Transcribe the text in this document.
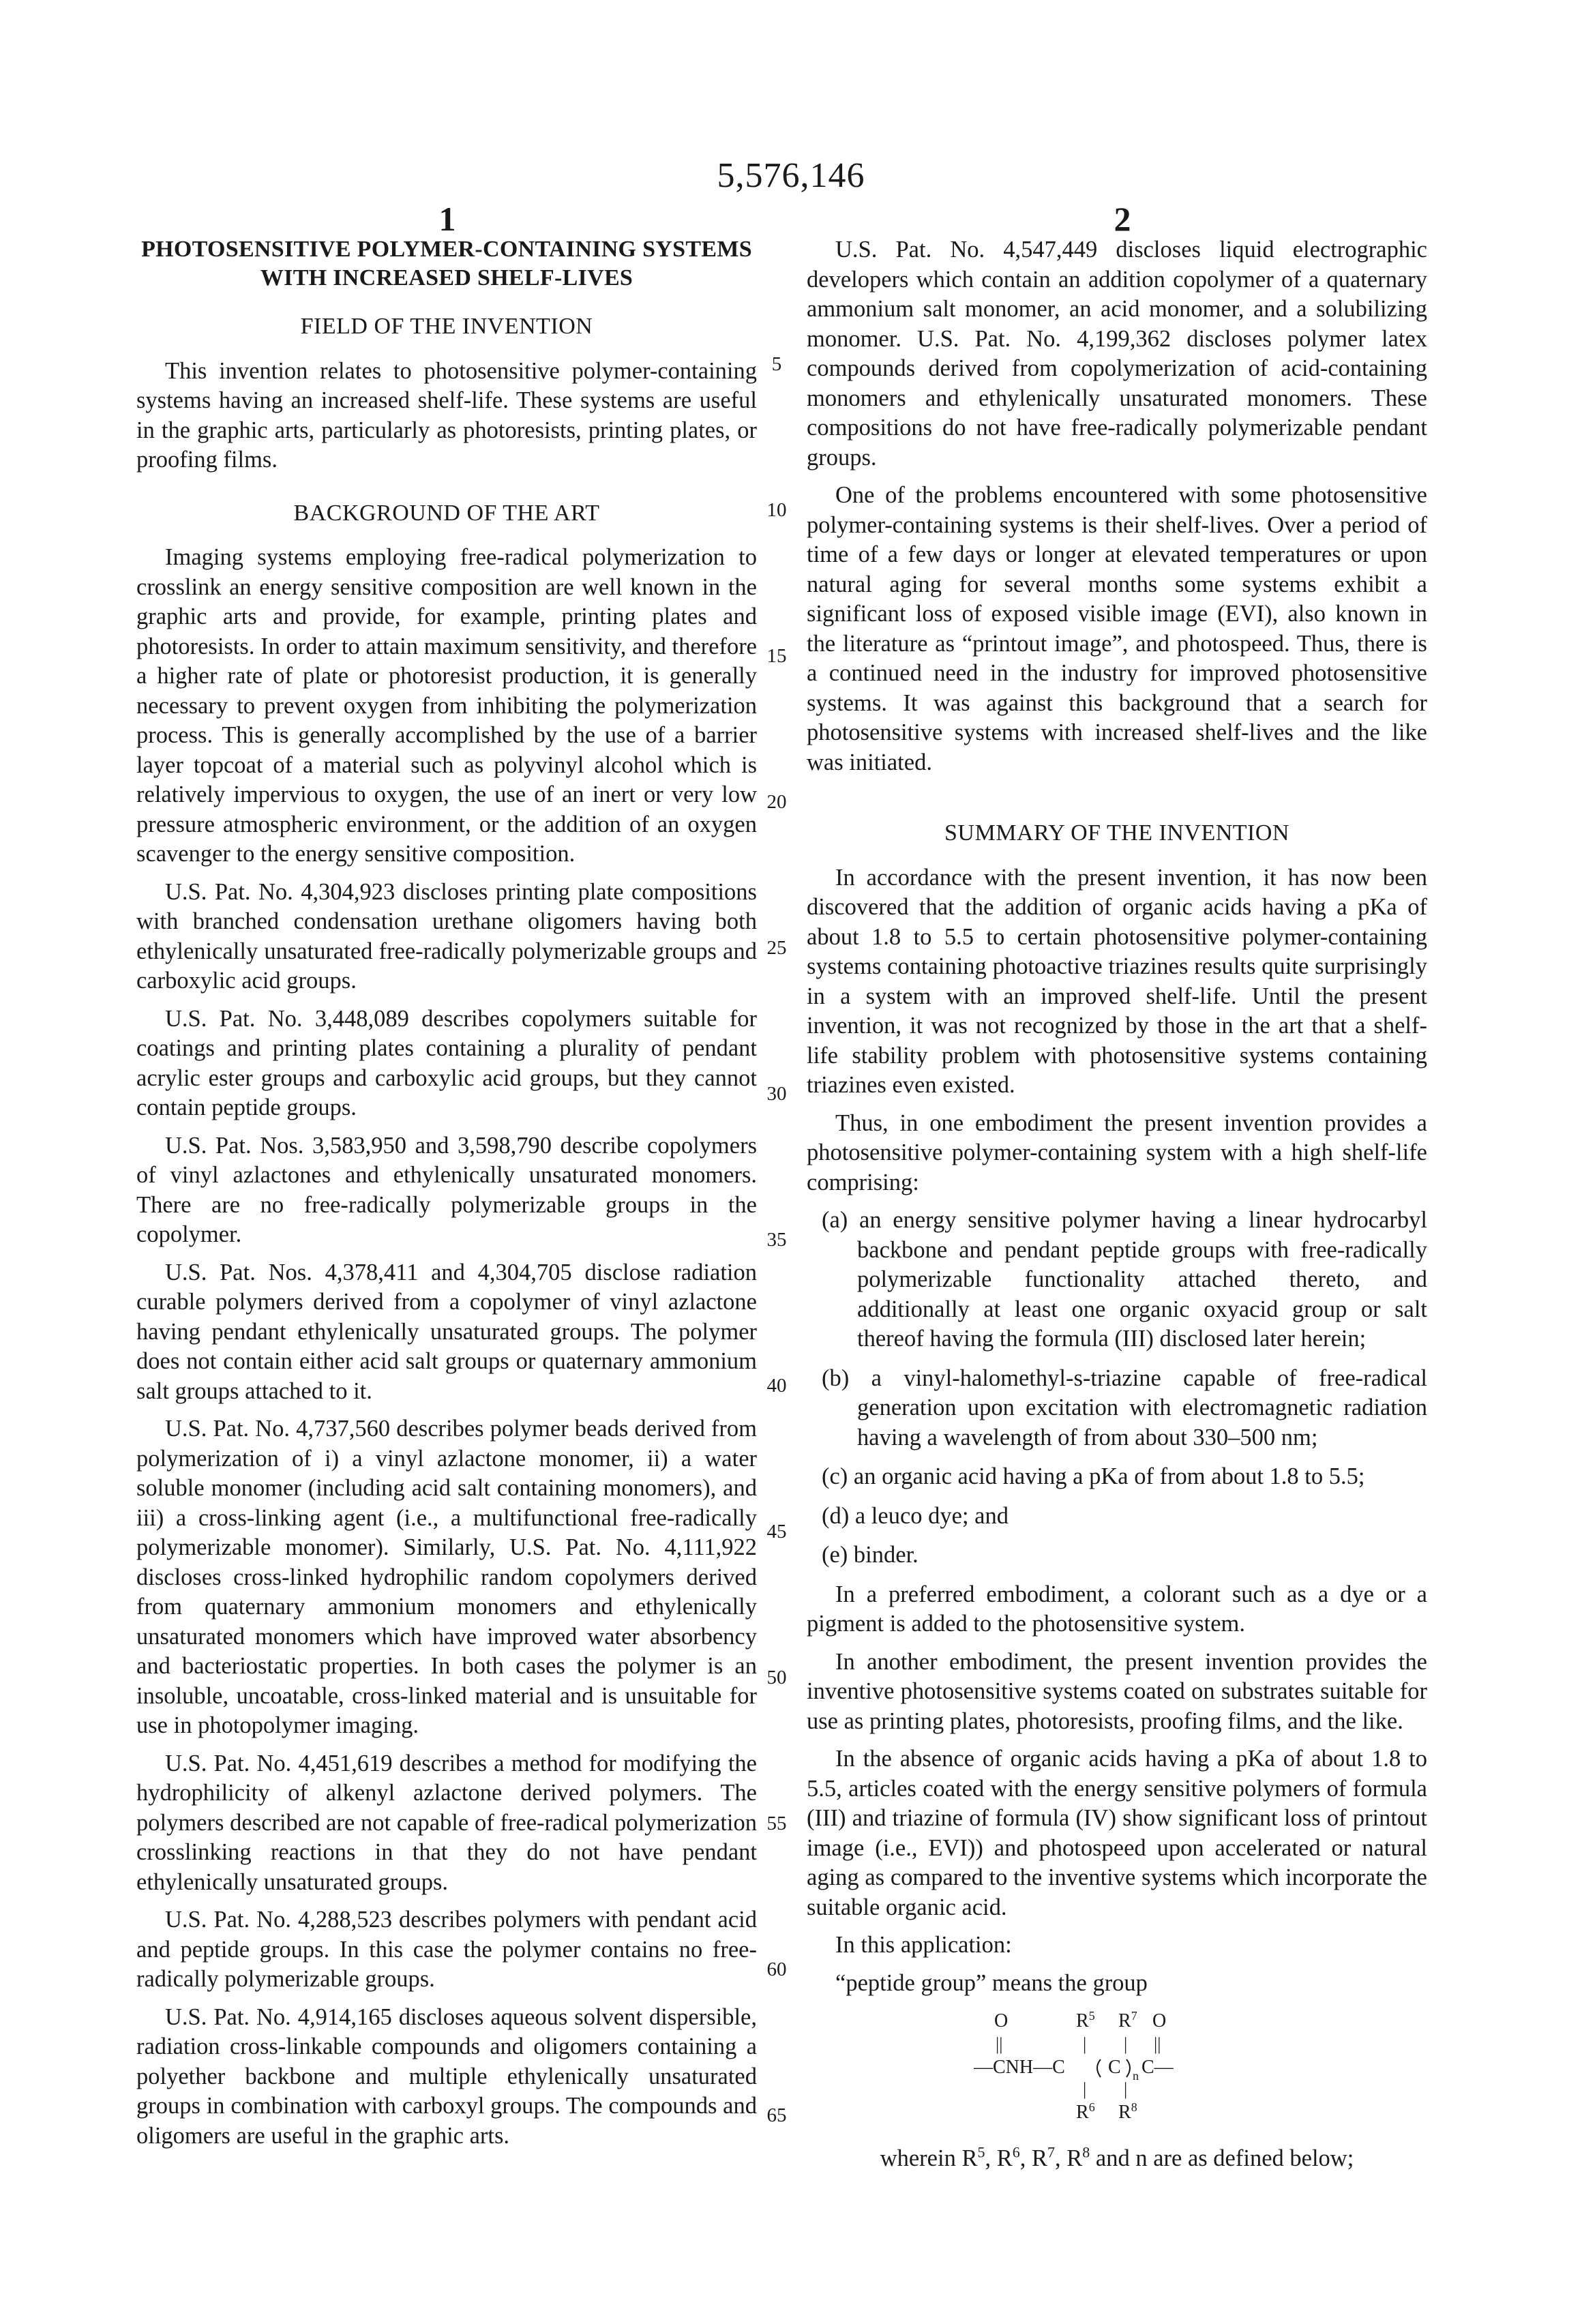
5,576,146
1	2
PHOTOSENSITIVE POLYMER-CONTAINING SYSTEMS WITH INCREASED SHELF-LIVES
FIELD OF THE INVENTION

This invention relates to photosensitive polymer-containing systems having an increased shelf-life. These systems are useful in the graphic arts, particularly as photoresists, printing plates, or proofing films.

BACKGROUND OF THE ART

Imaging systems employing free-radical polymerization to crosslink an energy sensitive composition are well known in the graphic arts and provide, for example, printing plates and photoresists. In order to attain maximum sensitivity, and therefore a higher rate of plate or photoresist production, it is generally necessary to prevent oxygen from inhibiting the polymerization process. This is generally accomplished by the use of a barrier layer topcoat of a material such as polyvinyl alcohol which is relatively impervious to oxygen, the use of an inert or very low pressure atmospheric environment, or the addition of an oxygen scavenger to the energy sensitive composition.

U.S. Pat. No. 4,304,923 discloses printing plate compositions with branched condensation urethane oligomers having both ethylenically unsaturated free-radically polymerizable groups and carboxylic acid groups.

U.S. Pat. No. 3,448,089 describes copolymers suitable for coatings and printing plates containing a plurality of pendant acrylic ester groups and carboxylic acid groups, but they cannot contain peptide groups.

U.S. Pat. Nos. 3,583,950 and 3,598,790 describe copolymers of vinyl azlactones and ethylenically unsaturated monomers. There are no free-radically polymerizable groups in the copolymer.

U.S. Pat. Nos. 4,378,411 and 4,304,705 disclose radiation curable polymers derived from a copolymer of vinyl azlactone having pendant ethylenically unsaturated groups. The polymer does not contain either acid salt groups or quaternary ammonium salt groups attached to it.

U.S. Pat. No. 4,737,560 describes polymer beads derived from polymerization of i) a vinyl azlactone monomer, ii) a water soluble monomer (including acid salt containing monomers), and iii) a cross-linking agent (i.e., a multifunctional free-radically polymerizable monomer). Similarly, U.S. Pat. No. 4,111,922 discloses cross-linked hydrophilic random copolymers derived from quaternary ammonium monomers and ethylenically unsaturated monomers which have improved water absorbency and bacteriostatic properties. In both cases the polymer is an insoluble, uncoatable, cross-linked material and is unsuitable for use in photopolymer imaging.

U.S. Pat. No. 4,451,619 describes a method for modifying the hydrophilicity of alkenyl azlactone derived polymers. The polymers described are not capable of free-radical polymerization crosslinking reactions in that they do not have pendant ethylenically unsaturated groups.

U.S. Pat. No. 4,288,523 describes polymers with pendant acid and peptide groups. In this case the polymer contains no free-radically polymerizable groups.

U.S. Pat. No. 4,914,165 discloses aqueous solvent dispersible, radiation cross-linkable compounds and oligomers containing a polyether backbone and multiple ethylenically unsaturated groups in combination with carboxyl groups. The compounds and oligomers are useful in the graphic arts.

5
10
15
20
25
30
35
40
45
50
55
60
65

U.S. Pat. No. 4,547,449 discloses liquid electrographic developers which contain an addition copolymer of a quaternary ammonium salt monomer, an acid monomer, and a solubilizing monomer. U.S. Pat. No. 4,199,362 discloses polymer latex compounds derived from copolymerization of acid-containing monomers and ethylenically unsaturated monomers. These compositions do not have free-radically polymerizable pendant groups.

One of the problems encountered with some photosensitive polymer-containing systems is their shelf-lives. Over a period of time of a few days or longer at elevated temperatures or upon natural aging for several months some systems exhibit a significant loss of exposed visible image (EVI), also known in the literature as “printout image”, and photospeed. Thus, there is a continued need in the industry for improved photosensitive systems. It was against this background that a search for photosensitive systems with increased shelf-lives and the like was initiated.

SUMMARY OF THE INVENTION

In accordance with the present invention, it has now been discovered that the addition of organic acids having a pKa of about 1.8 to 5.5 to certain photosensitive polymer-containing systems containing photoactive triazines results quite surprisingly in a system with an improved shelf-life. Until the present invention, it was not recognized by those in the art that a shelf-life stability problem with photosensitive systems containing triazines even existed.

Thus, in one embodiment the present invention provides a photosensitive polymer-containing system with a high shelf-life comprising:

(a) an energy sensitive polymer having a linear hydrocarbyl backbone and pendant peptide groups with free-radically polymerizable functionality attached thereto, and additionally at least one organic oxyacid group or salt thereof having the formula (III) disclosed later herein;
(b) a vinyl-halomethyl-s-triazine capable of free-radical generation upon excitation with electromagnetic radiation having a wavelength of from about 330–500 nm;
(c) an organic acid having a pKa of from about 1.8 to 5.5;
(d) a leuco dye; and
(e) binder.

In a preferred embodiment, a colorant such as a dye or a pigment is added to the photosensitive system.

In another embodiment, the present invention provides the inventive photosensitive systems coated on substrates suitable for use as printing plates, photoresists, proofing films, and the like.

In the absence of organic acids having a pKa of about 1.8 to 5.5, articles coated with the energy sensitive polymers of formula (III) and triazine of formula (IV) show significant loss of printout image (i.e., EVI)) and photospeed upon accelerated or natural aging as compared to the inventive systems which incorporate the suitable organic acid.

In this application:

“peptide group” means the group

O	R5 R7 O
||	| | ||
—CNH—C C n C—
| |
R6 R8

wherein R5, R6, R7, R8 and n are as defined below;
